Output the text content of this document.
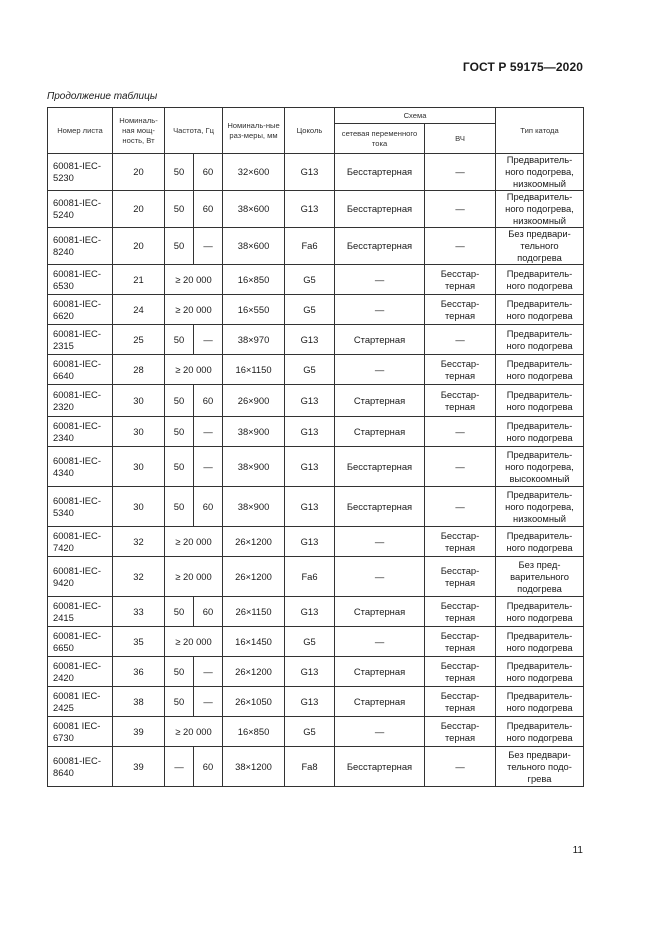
ГОСТ Р 59175—2020
Продолжение таблицы
Номер листа	Номиналь-ная мощ-ность, Вт	Частота, Гц		Номиналь-ные раз-меры, мм	Цоколь	Схема		Тип катода
						сетевая переменного тока	ВЧ	
60081-IEC-5230	20	50	60	32×600	G13	Бесстартерная	—	Предваритель-ного подогрева, низкоомный
60081-IEC-5240	20	50	60	38×600	G13	Бесстартерная	—	Предваритель-ного подогрева, низкоомный
60081-IEC-8240	20	50	—	38×600	Fa6	Бесстартерная	—	Без предвари-тельного подогрева
60081-IEC-6530	21	≥ 20 000		16×850	G5	—	Бесстар-терная	Предваритель-ного подогрева
60081-IEC-6620	24	≥ 20 000		16×550	G5	—	Бесстар-терная	Предваритель-ного подогрева
60081-IEC-2315	25	50	—	38×970	G13	Стартерная	—	Предваритель-ного подогрева
60081-IEC-6640	28	≥ 20 000		16×1150	G5	—	Бесстар-терная	Предваритель-ного подогрева
60081-IEC-2320	30	50	60	26×900	G13	Стартерная	Бесстар-терная	Предваритель-ного подогрева
60081-IEC-2340	30	50	—	38×900	G13	Стартерная	—	Предваритель-ного подогрева
60081-IEC-4340	30	50	—	38×900	G13	Бесстартерная	—	Предваритель-ного подогрева, высокоомный
60081-IEC-5340	30	50	60	38×900	G13	Бесстартерная	—	Предваритель-ного подогрева, низкоомный
60081-IEC-7420	32	≥ 20 000		26×1200	G13	—	Бесстар-терная	Предваритель-ного подогрева
60081-IEC-9420	32	≥ 20 000		26×1200	Fa6	—	Бесстар-терная	Без пред-варительного подогрева
60081-IEC-2415	33	50	60	26×1150	G13	Стартерная	Бесстар-терная	Предваритель-ного подогрева
60081-IEC-6650	35	≥ 20 000		16×1450	G5	—	Бесстар-терная	Предваритель-ного подогрева
60081-IEC-2420	36	50	—	26×1200	G13	Стартерная	Бесстар-терная	Предваритель-ного подогрева
60081 IEC-2425	38	50	—	26×1050	G13	Стартерная	Бесстар-терная	Предваритель-ного подогрева
60081 IEC-6730	39	≥ 20 000		16×850	G5	—	Бесстар-терная	Предваритель-ного подогрева
60081-IEC-8640	39	—	60	38×1200	Fa8	Бесстартерная	—	Без предвари-тельного подо-грева
11
